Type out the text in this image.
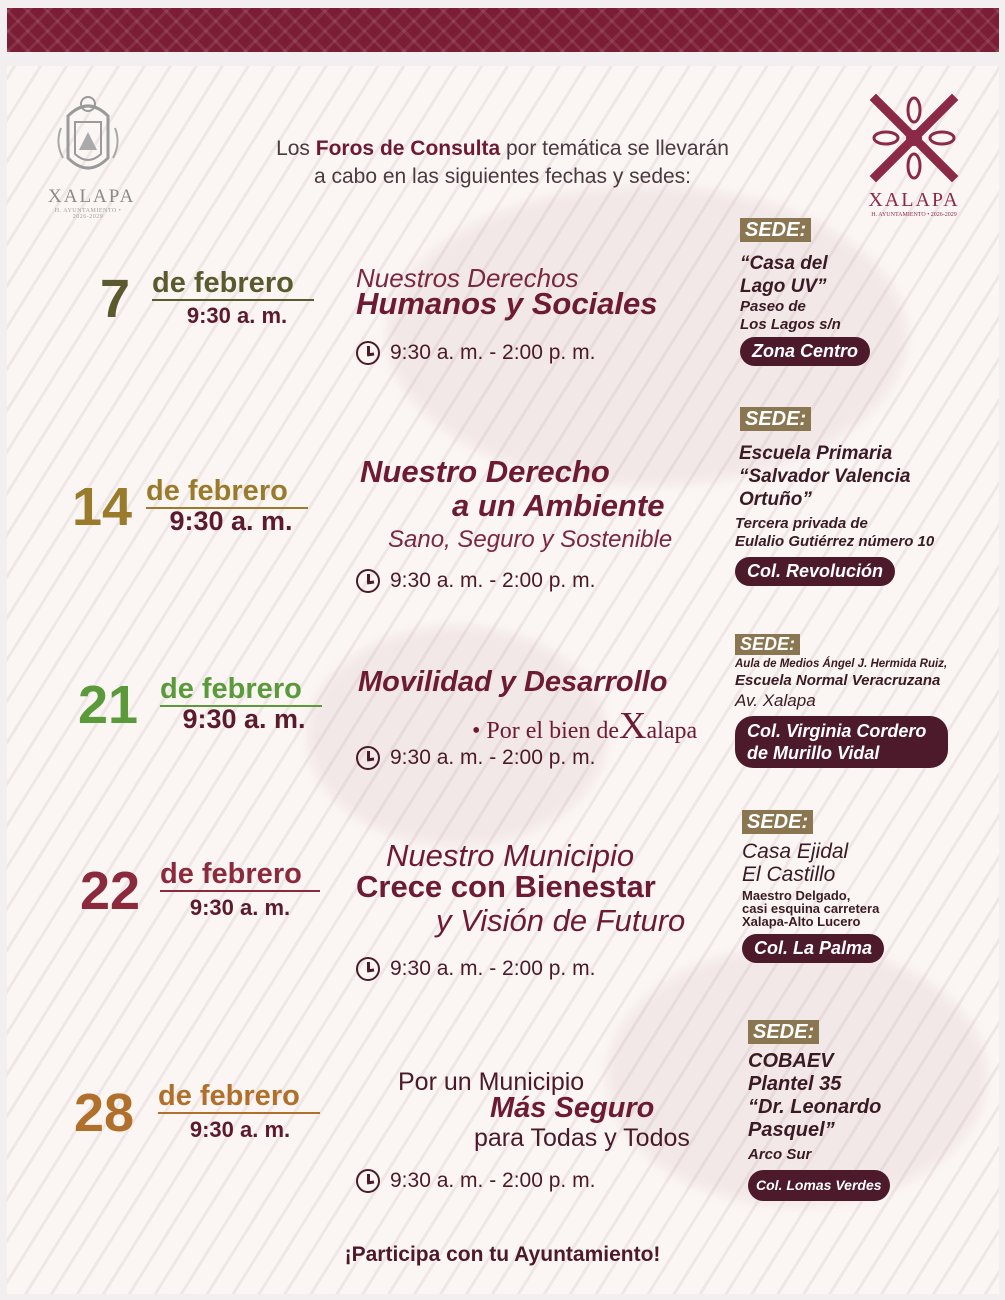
XALAPA
H. AYUNTAMIENTO • 2026-2029
XALAPA
H. AYUNTAMIENTO • 2026-2029
Los Foros de Consulta por temática se llevarán
a cabo en las siguientes fechas y sedes:
7 de febrero
9:30 a. m.
Nuestros Derechos
Humanos y Sociales
9:30 a. m. - 2:00 p. m.
SEDE:
“Casa del
Lago UV”
Paseo de
Los Lagos s/n
Zona Centro
14 de febrero
9:30 a. m.
Nuestro Derecho
a un Ambiente
Sano, Seguro y Sostenible
9:30 a. m. - 2:00 p. m.
SEDE:
Escuela Primaria
“Salvador Valencia
Ortuño”
Tercera privada de
Eulalio Gutiérrez número 10
Col. Revolución
21 de febrero
9:30 a. m.
Movilidad y Desarrollo
• Por el bien deXalapa
9:30 a. m. - 2:00 p. m.
SEDE:
Aula de Medios Ángel J. Hermida Ruiz,
Escuela Normal Veracruzana
Av. Xalapa
Col. Virginia Cordero
de Murillo Vidal
22 de febrero
9:30 a. m.
Nuestro Municipio
Crece con Bienestar
y Visión de Futuro
9:30 a. m. - 2:00 p. m.
SEDE:
Casa Ejidal
El Castillo
Maestro Delgado,
casi esquina carretera
Xalapa-Alto Lucero
Col. La Palma
28 de febrero
9:30 a. m.
Por un Municipio
Más Seguro
para Todas y Todos
9:30 a. m. - 2:00 p. m.
SEDE:
COBAEV
Plantel 35
“Dr. Leonardo
Pasquel”
Arco Sur
Col. Lomas Verdes
¡Participa con tu Ayuntamiento!
